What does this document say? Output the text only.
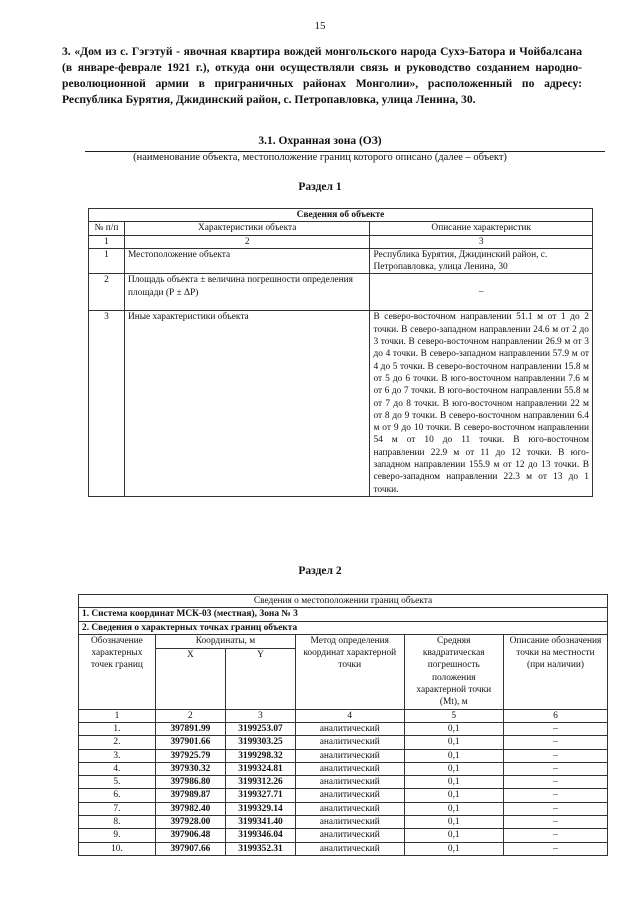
15
3. «Дом из с. Гэгэтуй - явочная квартира вождей монгольского народа Сухэ-Батора и Чойбалсана (в январе-феврале 1921 г.), откуда они осуществляли связь и руководство созданием народно-революционной армии в приграничных районах Монголии», расположенный по адресу: Республика Бурятия, Джидинский район, с. Петропавловка, улица Ленина, 30.
3.1. Охранная зона (ОЗ)
(наименование объекта, местоположение границ которого описано (далее – объект)
Раздел 1
Сведения об объекте		
№ п/п	Характеристики объекта	Описание характеристик
1	2	3
1	Местоположение объекта	Республика Бурятия, Джидинский район, с. Петропавловка, улица Ленина, 30
2	Площадь объекта ± величина погрешности определения площади (Р ± ΔР)	–
3	Иные характеристики объекта	В северо-восточном направлении 51.1 м от 1 до 2 точки. В северо-западном направлении 24.6 м от 2 до 3 точки. В северо-восточном направлении 26.9 м от 3 до 4 точки. В северо-западном направлении 57.9 м от 4 до 5 точки. В северо-восточном направлении 15.8 м от 5 до 6 точки. В юго-восточном направлении 7.6 м от 6 до 7 точки. В юго-восточном направлении 55.8 м от 7 до 8 точки. В юго-восточном направлении 22 м от 8 до 9 точки. В северо-восточном направлении 6.4 м от 9 до 10 точки. В северо-восточном направлении 54 м от 10 до 11 точки. В юго-восточном направлении 22.9 м от 11 до 12 точки. В юго-западном направлении 155.9 м от 12 до 13 точки. В северо-западном направлении 22.3 м от 13 до 1 точки.
Раздел 2
Сведения о местоположении границ объекта					
1. Система координат МСК-03 (местная), Зона № 3					
2. Сведения о характерных точках границ объекта					
Обозначение характерных точек границ	Координаты, м		Метод определения координат характерной точки	Средняя квадратическая погрешность положения характерной точки (Мt), м	Описание обозначения точки на местности (при наличии)
	X	Y			
1	2	3	4	5	6
1.	397891.99	3199253.07	аналитический	0,1	–
2.	397901.66	3199303.25	аналитический	0,1	–
3.	397925.79	3199298.32	аналитический	0,1	–
4.	397930.32	3199324.81	аналитический	0,1	–
5.	397986.80	3199312.26	аналитический	0,1	–
6.	397989.87	3199327.71	аналитический	0,1	–
7.	397982.40	3199329.14	аналитический	0,1	–
8.	397928.00	3199341.40	аналитический	0,1	–
9.	397906.48	3199346.04	аналитический	0,1	–
10.	397907.66	3199352.31	аналитический	0,1	–
